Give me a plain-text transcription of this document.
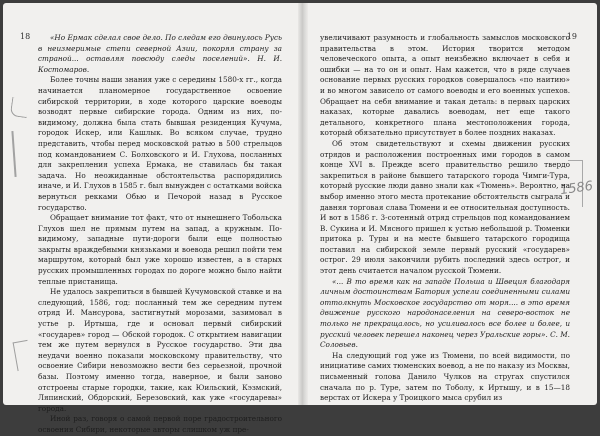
18	«Но Ермак сделал свое дело. По следам его двинулось Русь в неизмеримые степи северной Азии, покоряя страну за страной... оставляя повсюду следы поселений». Н. И. Костомаров.

Более точны наши знания уже с середины 1580-х гг., когда начинается планомерное государственное освоение сибирской территории, в ходе которого царские воеводы возводят первые сибирские города. Одним из них, по-видимому, должна была стать бывшая резиденция Кучума, городок Искер, или Кашлык. Во всяком случае, трудно представить, чтобы перед московской ратью в 500 стрельцов под командованием С. Болховского и И. Глухова, посланных для закрепления успеха Ермака, не ставилась бы такая задача. Но неожиданные обстоятельства распорядились иначе, и И. Глухов в 1585 г. был вынужден с остатками войска вернуться рекками Обью и Печорой назад в Русское государство.

Обращает внимание тот факт, что от нынешнего Тобольска Глухов шел не прямым путем на запад, а кружным. По-видимому, западные пути-дороги были еще полностью закрыты враждебными князьками и воевода решил пойти тем маршрутом, который был уже хорошо известен, а в старых русских промышленных городах по дороге можно было найти теплые пристанища.

Не удалось закрепиться в бывшей Кучумовской ставке и на следующий, 1586, год: посланный тем же середним путем отряд И. Мансурова, застигнутый морозами, зазимовал в устье р. Иртыша, где и основал первый сибирский «государев» город — Обской городок. С открытием навигации тем же путем вернулся в Русское государство. Эти два неудачи военно показали московскому правительству, что освоение Сибири невозможно вести без серьезной, прочной базы. Поэтому именно тогда, наверное, и были заново отстроены старые городки, такие, как Юильский, Кэзмский, Ляпинский, Обдорский, Березовский, как уже «государевы» города.

Иной раз, говоря о самой первой поре градостроительного освоения Сибири, некоторые авторы слишком уж пре-

19
1586

увеличивают разумность и глобальность замыслов московского правительства в этом. История творится методом человеческого опыта, а опыт неизбежно включает в себя и ошибки — на то он и опыт. Нам кажется, что в ряде случаев основание первых русских городков совершалось «по наитию» и во многом зависело от самого воеводы и его военных успехов. Обращает на себя внимание и такая деталь: в первых царских наказах, которые давались воеводам, нет еще такого детального, конкретного плана местоположения города, который обязательно присутствует в более поздних наказах.

Об этом свидетельствуют и схемы движения русских отрядов и расположения построенных ими городов в самом конце XVI в. Прежде всего правительство решило твердо закрепиться в районе бывшего татарского города Чимги-Тура, который русские люди давно знали как «Тюмень». Вероятно, на выбор именно этого места протекание обстоятельств сыграла и давняя торговая слава Тюмени и ее относительная доступность. И вот в 1586 г. 3-сотенный отряд стрельцов под командованием В. Сукина и И. Мясного пришел к устью небольшой р. Тюменки притока р. Туры и на месте бывшего татарского городища поставил на сибирской земле первый русский «государев» острог. 29 июля закончили рубить последний здесь острог, и этот день считается началом русской Тюмени.

«... В то время как на западе Польша и Швеция благодаря личным достоинствам Батория успели соединенными силами оттолкнуть Московское государство от моря.... в это время движение русского народонаселения на северо-восток не только не прекращалось, но усиливалось все более и более, и русский человек перешел наконец через Уральские горы». С. М. Соловьев.

На следующий год уже из Тюмени, по всей видимости, по инициативе самих тюменских воевод, а не по наказу из Москвы, письменный голова Данило Чулков на стругах спустился сначала по р. Туре, затем по Тоболу, к Иртышу, и в 15—18 верстах от Искера у Троицкого мыса срубил из
